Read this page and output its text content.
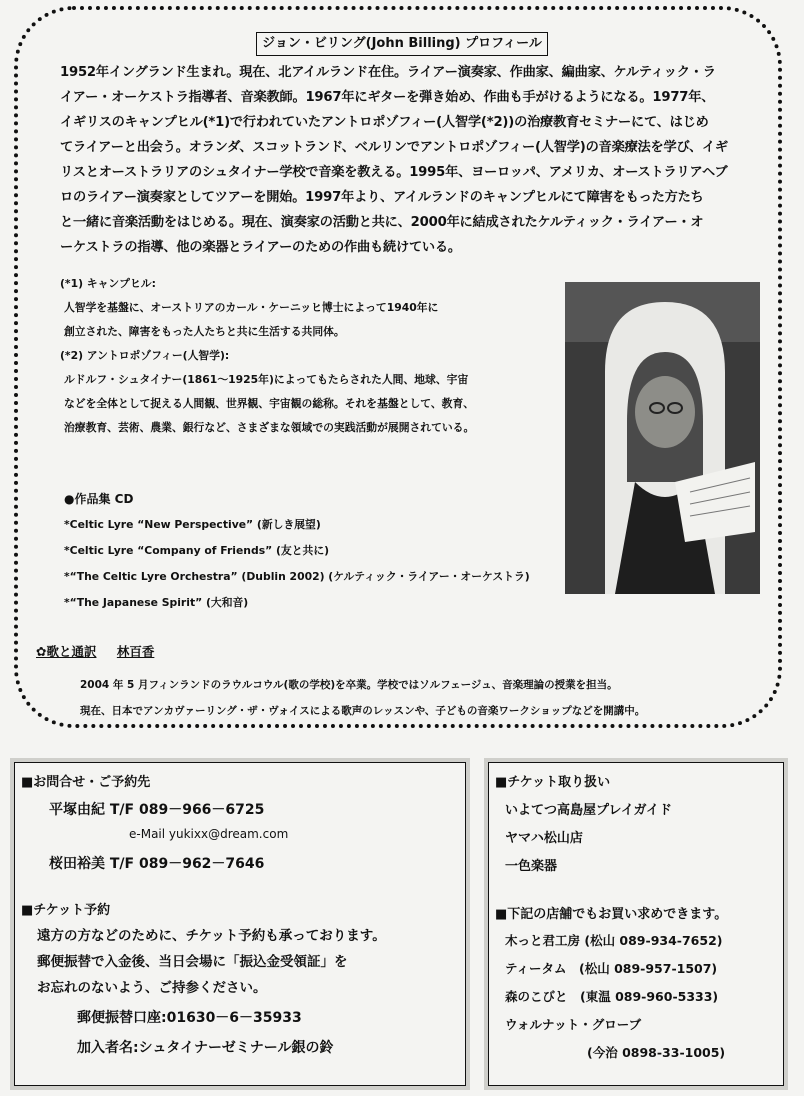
ジョン・ビリング(John Billing) プロフィール

1952年イングランド生まれ。現在、北アイルランド在住。ライアー演奏家、作曲家、編曲家、ケルティック・ラ

イアー・オーケストラ指導者、音楽教師。1967年にギターを弾き始め、作曲も手がけるようになる。1977年、

イギリスのキャンプヒル(*1)で行われていたアントロポゾフィー(人智学(*2))の治療教育セミナーにて、はじめ

てライアーと出会う。オランダ、スコットランド、ベルリンでアントロポゾフィー(人智学)の音楽療法を学び、イギ

リスとオーストラリアのシュタイナー学校で音楽を教える。1995年、ヨーロッパ、アメリカ、オーストラリアヘブ

ロのライアー演奏家としてツアーを開始。1997年より、アイルランドのキャンプヒルにて障害をもった方たち

と一緒に音楽活動をはじめる。現在、演奏家の活動と共に、2000年に結成されたケルティック・ライアー・オ

ーケストラの指導、他の楽器とライアーのための作曲も続けている。

(*1) キャンプヒル:

人智学を基盤に、オーストリアのカール・ケーニッヒ博士によって1940年に

創立された、障害をもった人たちと共に生活する共同体。

(*2) アントロポゾフィー(人智学):

ルドルフ・シュタイナー(1861～1925年)によってもたらされた人間、地球、宇宙

などを全体として捉える人間観、世界観、宇宙観の総称。それを基盤として、教育、

治療教育、芸術、農業、銀行など、さまざまな領域での実践活動が展開されている。

●作品集 CD

*Celtic Lyre “New Perspective” (新しき展望)

*Celtic Lyre “Company of Friends” (友と共に)

*“The Celtic Lyre Orchestra” (Dublin 2002) (ケルティック・ライアー・オーケストラ)

*“The Japanese Spirit” (大和音)

✿歌と通訳 林百香

2004 年 5 月フィンランドのラウルコウル(歌の学校)を卒業。学校ではソルフェージュ、音楽理論の授業を担当。

現在、日本でアンカヴァーリング・ザ・ヴォイスによる歌声のレッスンや、子どもの音楽ワークショップなどを開講中。

■お問合せ・ご予約先
平塚由紀 T/F 089－966－6725
e-Mail yukixx@dream.com
桜田裕美 T/F 089－962－7646
■チケット予約

遠方の方などのために、チケット予約も承っております。

郵便振替で入金後、当日会場に「振込金受領証」を

お忘れのないよう、ご持参ください。

郵便振替口座:01630－6－35933
加入者名:シュタイナーゼミナール銀の鈴
■チケット取り扱い

いよてつ高島屋プレイガイド

ヤマハ松山店

一色楽器

■下記の店舗でもお買い求めできます。

木っと君工房 (松山 089-934-7652)

ティータム　(松山 089-957-1507)

森のこびと　(東温 089-960-5333)

ウォルナット・グローブ

(今治 0898-33-1005)
